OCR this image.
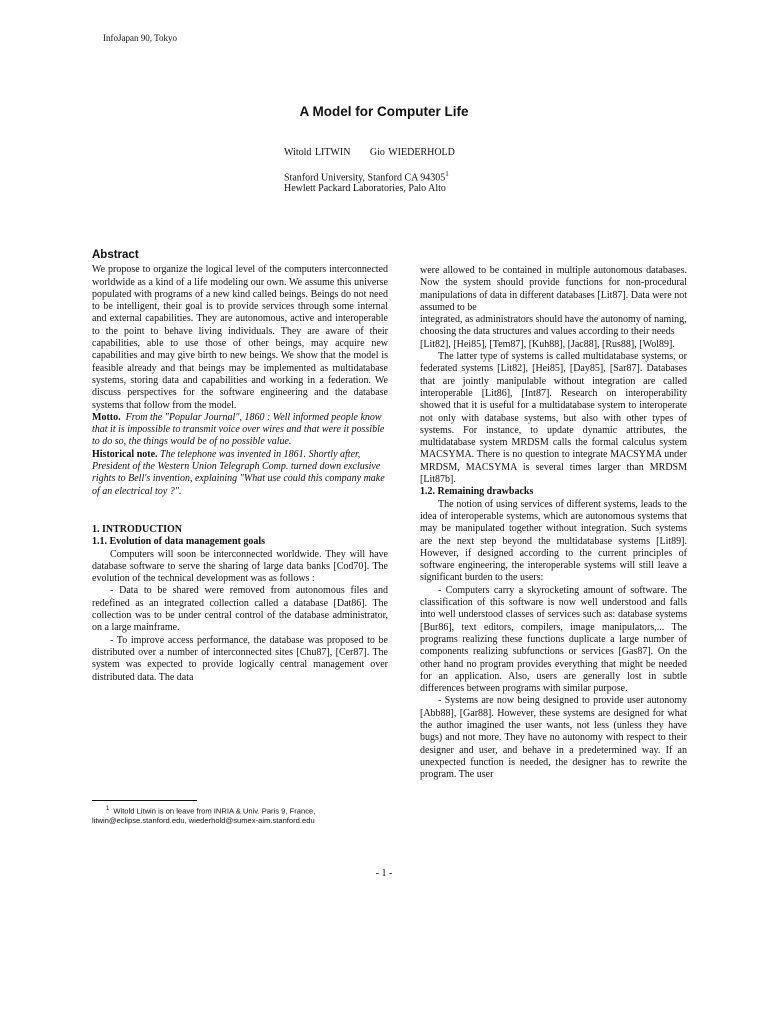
InfoJapan 90, Tokyo
A Model for Computer Life
Witold LITWIN Gio WIEDERHOLD
Stanford University, Stanford CA 94305$^1$
Hewlett Packard Laboratories, Palo Alto
Abstract

We propose to organize the logical level of the computers interconnected worldwide as a kind of a life modeling our own. We assume this universe populated with programs of a new kind called beings. Beings do not need to be intelligent, their goal is to provide services through some internal and external capabilities. They are autonomous, active and interoperable to the point to behave living individuals. They are aware of their capabilities, able to use those of other beings, may acquire new capabilities and may give birth to new beings. We show that the model is feasible already and that beings may be implemented as multidatabase systems, storing data and capabilities and working in a federation. We discuss perspectives for the software engineering and the database systems that follow from the model.

Motto. From the "Popular Journal", 1860 : Well informed people know that it is impossible to transmit voice over wires and that were it possible to do so, the things would be of no possible value.

Historical note. The telephone was invented in 1861. Shortly after, President of the Western Union Telegraph Comp. turned down exclusive rights to Bell's invention, explaining "What use could this company make of an electrical toy ?".

1. INTRODUCTION

1.1. Evolution of data management goals

Computers will soon be interconnected worldwide. They will have database software to serve the sharing of large data banks [Cod70]. The evolution of the technical development was as follows :

- Data to be shared were removed from autonomous files and redefined as an integrated collection called a database [Dat86]. The collection was to be under central control of the database administrator, on a large mainframe.

- To improve access performance, the database was proposed to be distributed over a number of interconnected sites [Chu87], [Cer87]. The system was expected to provide logically central management over distributed data. The data

$^1$ Witold Litwin is on leave from INRIA & Univ. Paris 9, France,
litwin@eclipse.stanford.edu, wiederhold@sumex-aim.stanford.edu

were allowed to be contained in multiple autonomous databases. Now the system should provide functions for non-procedural manipulations of data in different databases [Lit87]. Data were not assumed to be

integrated, as administrators should have the autonomy of naming, choosing the data structures and values according to their needs [Lit82], [Hei85], [Tem87], [Kuh88], [Jac88], [Rus88], [Wol89].

The latter type of systems is called multidatabase systems, or federated systems [Lit82], [Hei85], [Day85], [Sar87]. Databases that are jointly manipulable without integration are called interoperable [Lit86], [Int87]. Research on interoperability showed that it is useful for a multidatabase system to interoperate not only with database systems, but also with other types of systems. For instance, to update dynamic attributes, the multidatabase system MRDSM calls the formal calculus system MACSYMA. There is no question to integrate MACSYMA under MRDSM, MACSYMA is several times larger than MRDSM [Lit87b].

1.2. Remaining drawbacks

The notion of using services of different systems, leads to the idea of interoperable systems, which are autonomous systems that may be manipulated together without integration. Such systems are the next step beyond the multidatabase systems [Lit89]. However, if designed according to the current principles of software engineering, the interoperable systems will still leave a significant burden to the users:

- Computers carry a skyrocketing amount of software. The classification of this software is now well understood and falls into well understood classes of services such as: database systems [Bur86], text editors, compilers, image manipulators,... The programs realizing these functions duplicate a large number of components realizing subfunctions or services [Gas87]. On the other hand no program provides everything that might be needed for an application. Also, users are generally lost in subtle differences between programs with similar purpose.

- Systems are now being designed to provide user autonomy [Abb88], [Gar88]. However, these systems are designed for what the author imagined the user wants, not less (unless they have bugs) and not more. They have no autonomy with respect to their designer and user, and behave in a predetermined way. If an unexpected function is needed, the designer has to rewrite the program. The user

- 1 -
